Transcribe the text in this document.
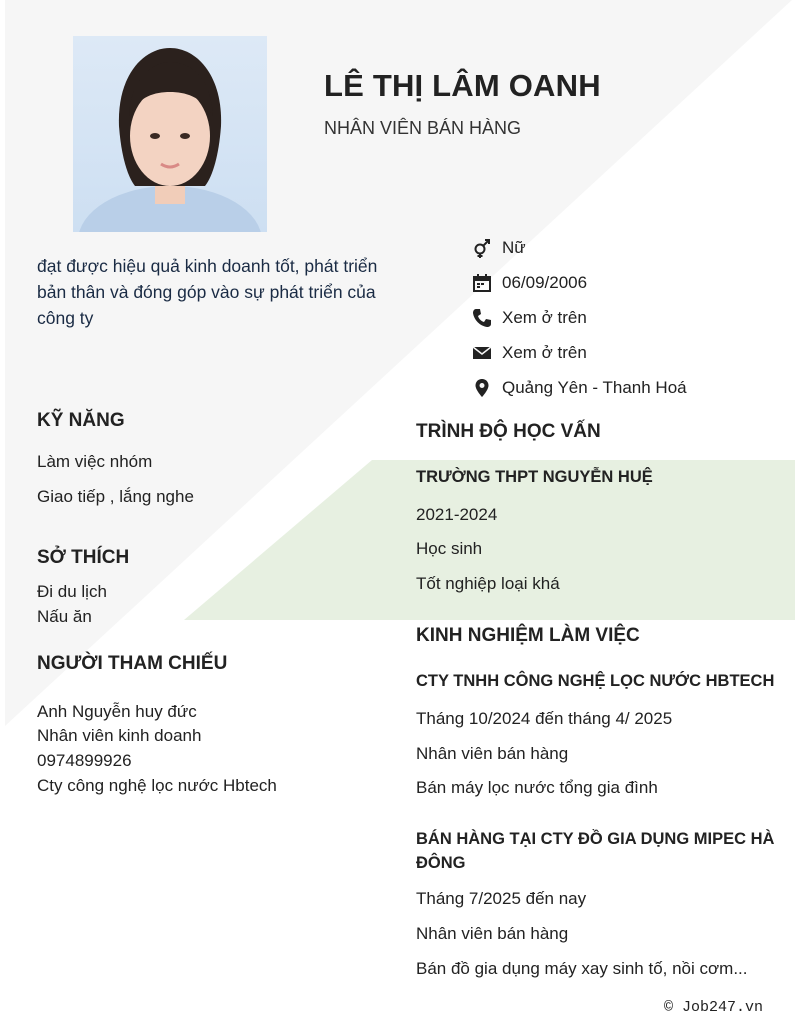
LÊ THỊ LÂM OANH
NHÂN VIÊN BÁN HÀNG
đạt được hiệu quả kinh doanh tốt, phát triển bản thân và đóng góp vào sự phát triển của công ty
Nữ
06/09/2006
Xem ở trên
Xem ở trên
Quảng Yên - Thanh Hoá
KỸ NĂNG
Làm việc nhóm
Giao tiếp , lắng nghe
SỞ THÍCH
Đi du lịch
Nấu ăn
NGƯỜI THAM CHIẾU
Anh Nguyễn huy đức
Nhân viên kinh doanh
0974899926
Cty công nghệ lọc nước Hbtech
TRÌNH ĐỘ HỌC VẤN
TRƯỜNG THPT NGUYỄN HUỆ
2021-2024
Học sinh
Tốt nghiệp loại khá
KINH NGHIỆM LÀM VIỆC
CTY TNHH CÔNG NGHỆ LỌC NƯỚC HBTECH
Tháng 10/2024 đến tháng 4/ 2025
Nhân viên bán hàng
Bán máy lọc nước tổng gia đình
BÁN HÀNG TẠI CTY ĐỒ GIA DỤNG MIPEC HÀ ĐÔNG
Tháng 7/2025 đến nay
Nhân viên bán hàng
Bán đồ gia dụng máy xay sinh tố, nồi cơm...
© Job247.vn
